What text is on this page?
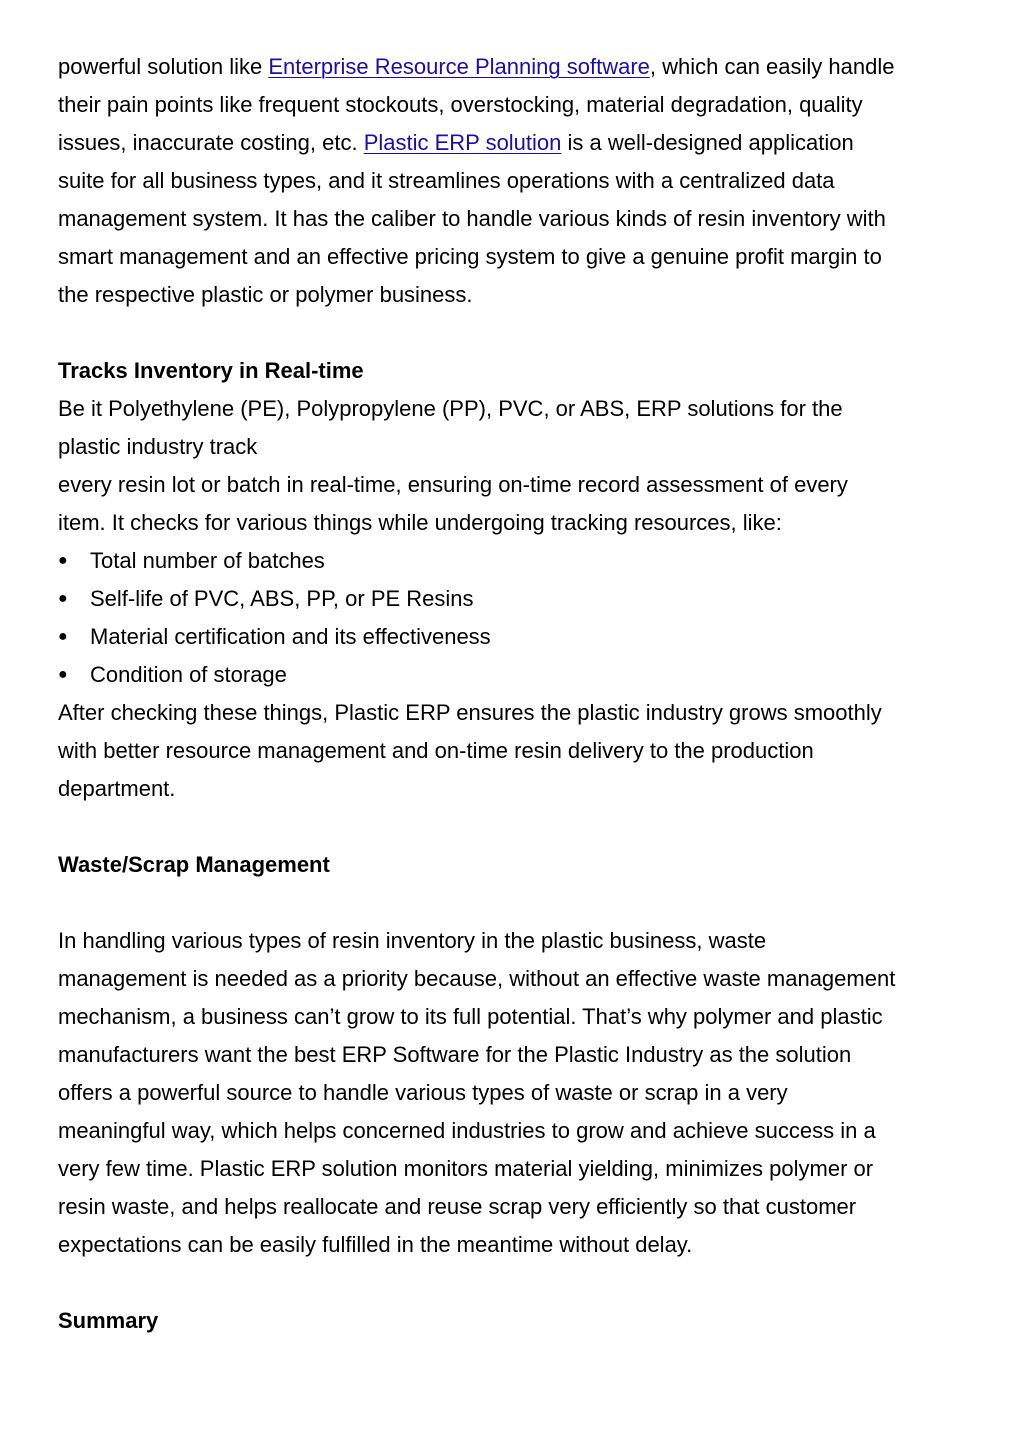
powerful solution like Enterprise Resource Planning software, which can easily handle
their pain points like frequent stockouts, overstocking, material degradation, quality
issues, inaccurate costing, etc. Plastic ERP solution is a well-designed application
suite for all business types, and it streamlines operations with a centralized data
management system. It has the caliber to handle various kinds of resin inventory with
smart management and an effective pricing system to give a genuine profit margin to
the respective plastic or polymer business.
Tracks Inventory in Real-time
Be it Polyethylene (PE), Polypropylene (PP), PVC, or ABS, ERP solutions for the
plastic industry track
every resin lot or batch in real-time, ensuring on-time record assessment of every
item. It checks for various things while undergoing tracking resources, like:
●	Total number of batches
●	Self-life of PVC, ABS, PP, or PE Resins
●	Material certification and its effectiveness
●	Condition of storage
After checking these things, Plastic ERP ensures the plastic industry grows smoothly
with better resource management and on-time resin delivery to the production
department.
Waste/Scrap Management
In handling various types of resin inventory in the plastic business, waste
management is needed as a priority because, without an effective waste management
mechanism, a business can’t grow to its full potential. That’s why polymer and plastic
manufacturers want the best ERP Software for the Plastic Industry as the solution
offers a powerful source to handle various types of waste or scrap in a very
meaningful way, which helps concerned industries to grow and achieve success in a
very few time. Plastic ERP solution monitors material yielding, minimizes polymer or
resin waste, and helps reallocate and reuse scrap very efficiently so that customer
expectations can be easily fulfilled in the meantime without delay.
Summary
